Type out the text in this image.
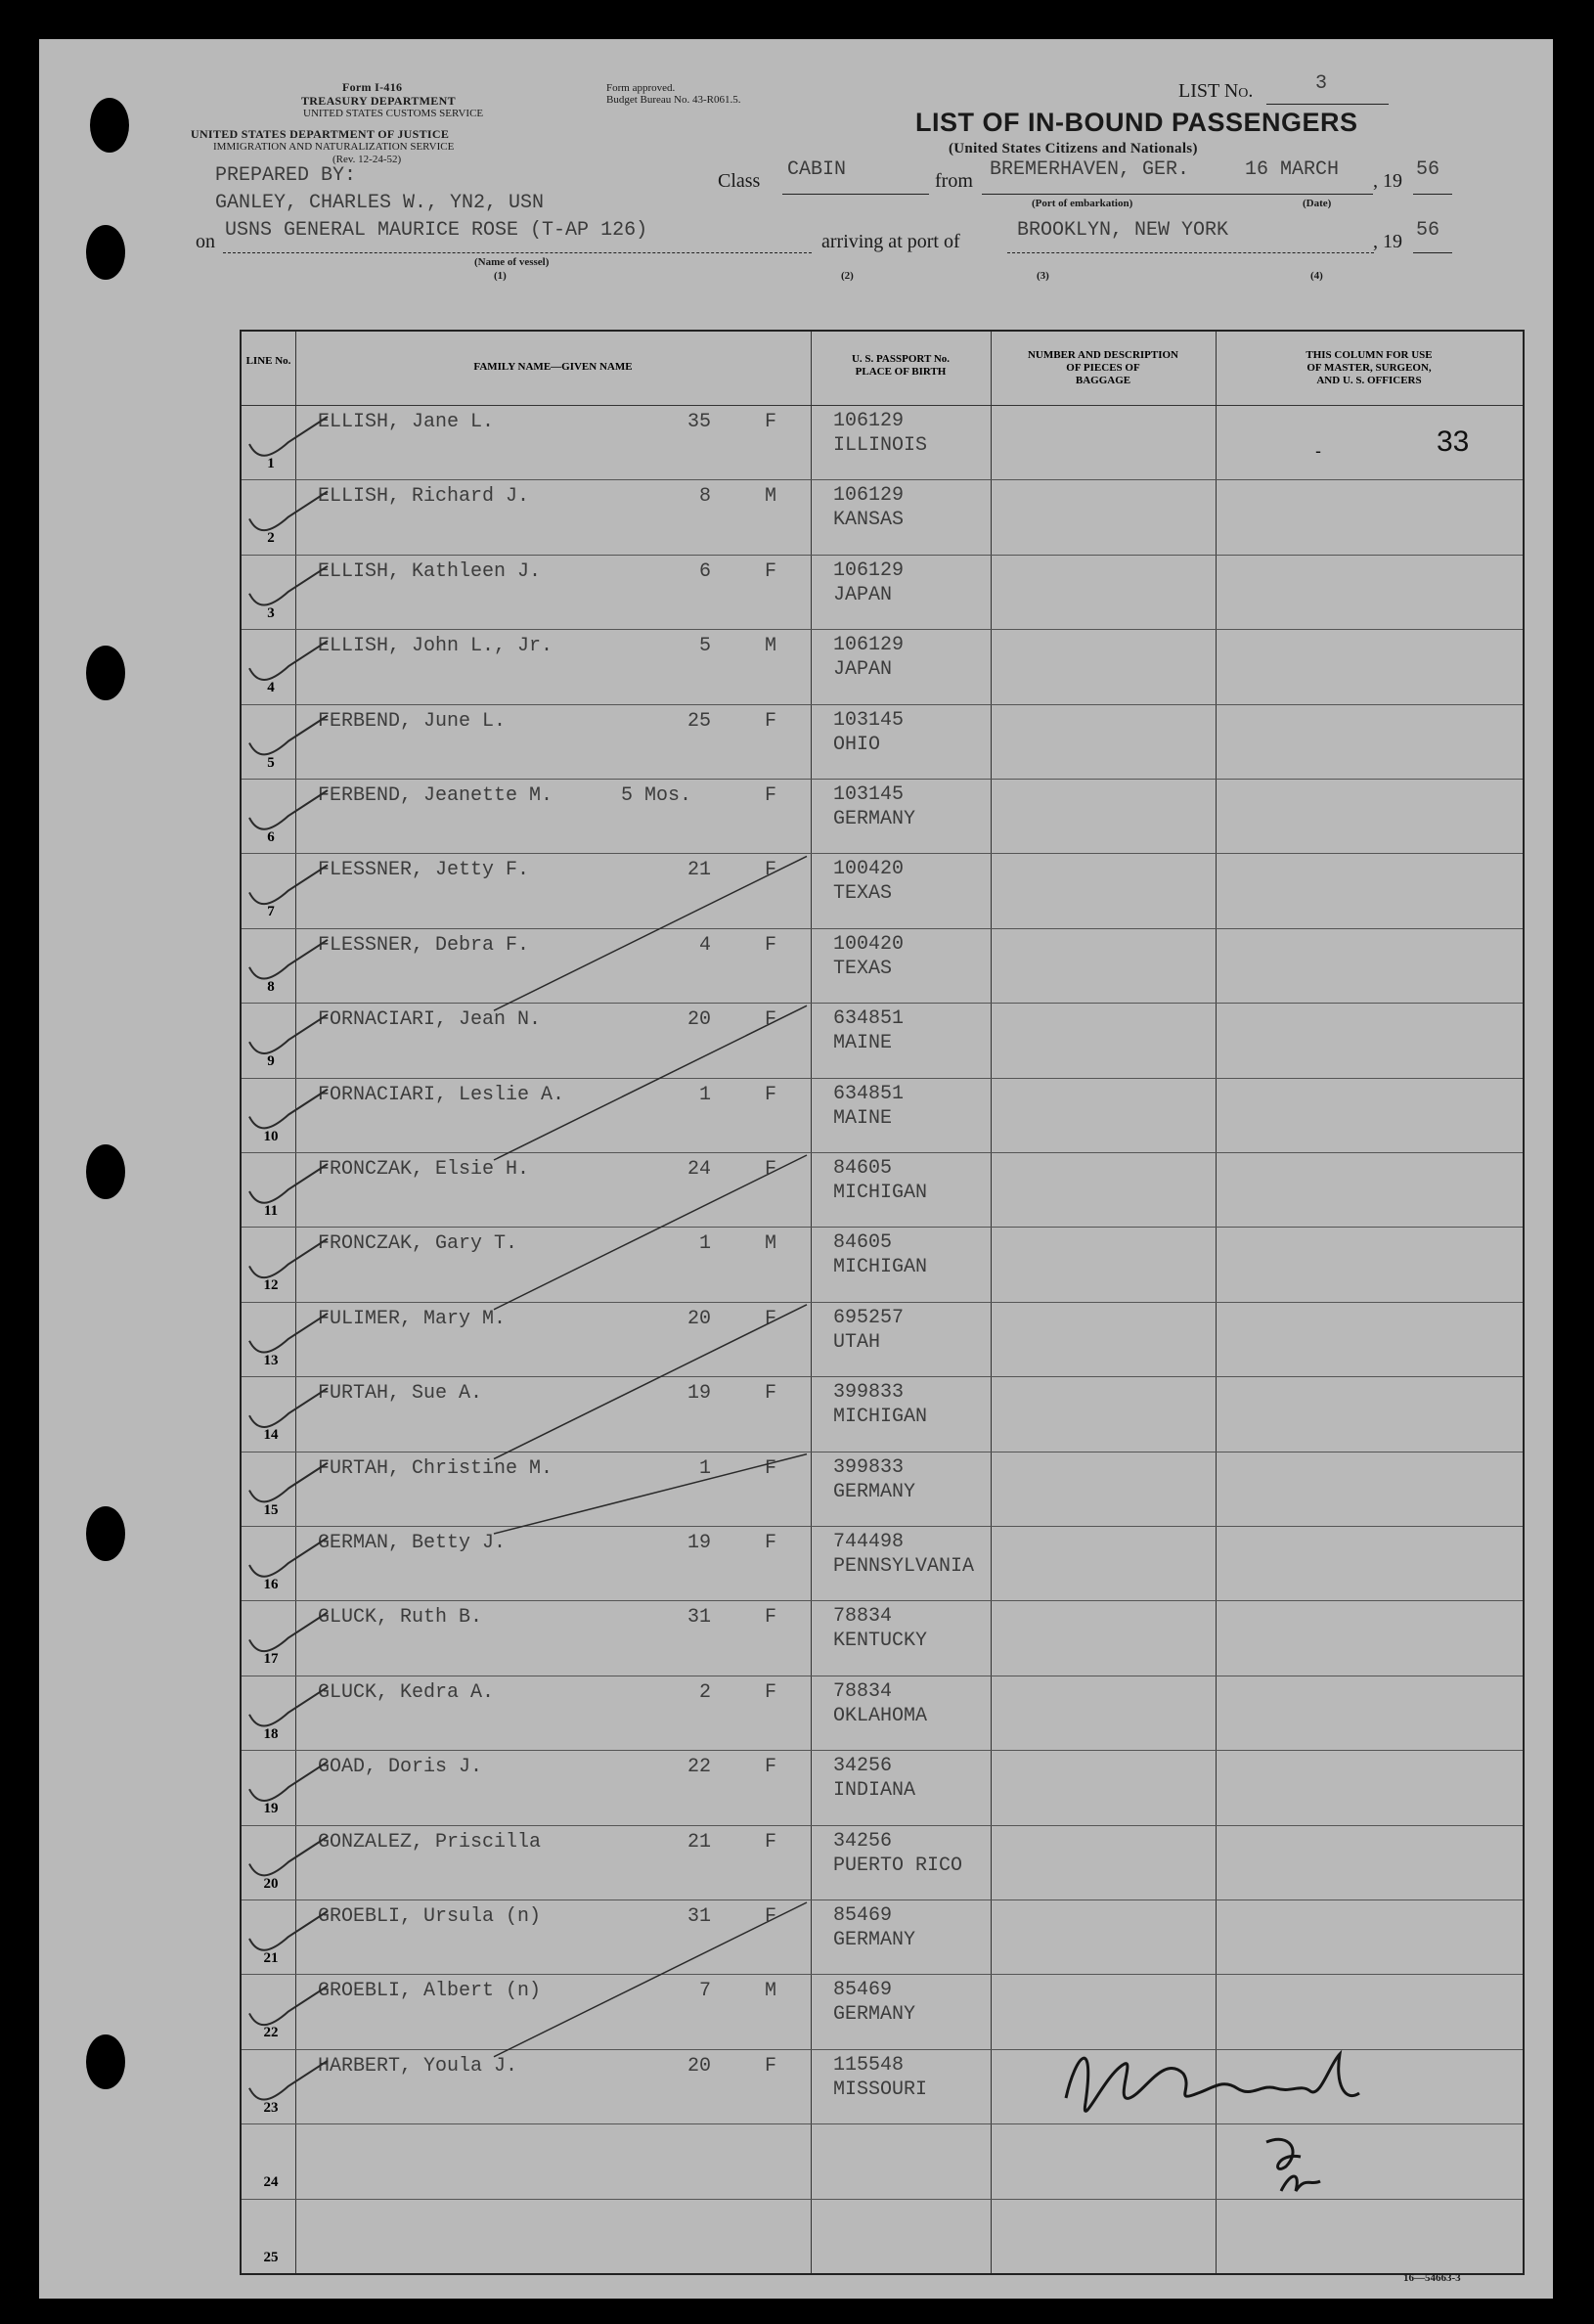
Form I-416
TREASURY DEPARTMENT
UNITED STATES CUSTOMS SERVICE
UNITED STATES DEPARTMENT OF JUSTICE
IMMIGRATION AND NATURALIZATION SERVICE
(Rev. 12-24-52)
Form approved.
Budget Bureau No. 43-R061.5.	LIST No.	3
LIST OF IN-BOUND PASSENGERS
(United States Citizens and Nationals)
PREPARED BY:
GANLEY, CHARLES W., YN2, USN
Class CABIN	from BREMERHAVEN, GER.	16 MARCH , 19 56
(Port of embarkation)	(Date)
on USNS GENERAL MAURICE ROSE (T-AP 126)	arriving at port of	BROOKLYN, NEW YORK	, 19 56
(Name of vessel)
(1)	(2)	(3)	(4)
LINE No.	FAMILY NAME—GIVEN NAME
U. S. PASSPORT No.
PLACE OF BIRTH
NUMBER AND DESCRIPTION
OF PIECES OF
BAGGAGE
THIS COLUMN FOR USE
OF MASTER, SURGEON,
AND U. S. OFFICERS
1
ELLISH, Jane L.	35	F	106129
ILLINOIS
2
ELLISH, Richard J.	8	M	106129
KANSAS
3
ELLISH, Kathleen J.	6	F	106129
JAPAN
4
ELLISH, John L., Jr.	5	M	106129
JAPAN
5
FERBEND, June L.	25	F	103145
OHIO
6
FERBEND, Jeanette M.	5 Mos.	F	103145
GERMANY
7
FLESSNER, Jetty F.	21	F	100420
TEXAS
8
FLESSNER, Debra F.	4	F	100420
TEXAS
9
FORNACIARI, Jean N.	20	F	634851
MAINE
10
FORNACIARI, Leslie A.	1	F	634851
MAINE
11
FRONCZAK, Elsie H.	24	F	84605
MICHIGAN
12
FRONCZAK, Gary T.	1	M	84605
MICHIGAN
13
FULIMER, Mary M.	20	F	695257
UTAH
14
FURTAH, Sue A.	19	F	399833
MICHIGAN
15
FURTAH, Christine M.	1	F	399833
GERMANY
16
GERMAN, Betty J.	19	F	744498
PENNSYLVANIA
17
GLUCK, Ruth B.	31	F	78834
KENTUCKY
18
GLUCK, Kedra A.	2	F	78834
OKLAHOMA
19
GOAD, Doris J.	22	F	34256
INDIANA
20
GONZALEZ, Priscilla	21	F	34256
PUERTO RICO
21
GROEBLI, Ursula (n)	31	F	85469
GERMANY
22
GROEBLI, Albert (n)	7	M	85469
GERMANY
23
HARBERT, Youla J.	20	F	115548
MISSOURI
24
25
33
-
16—54663-3
